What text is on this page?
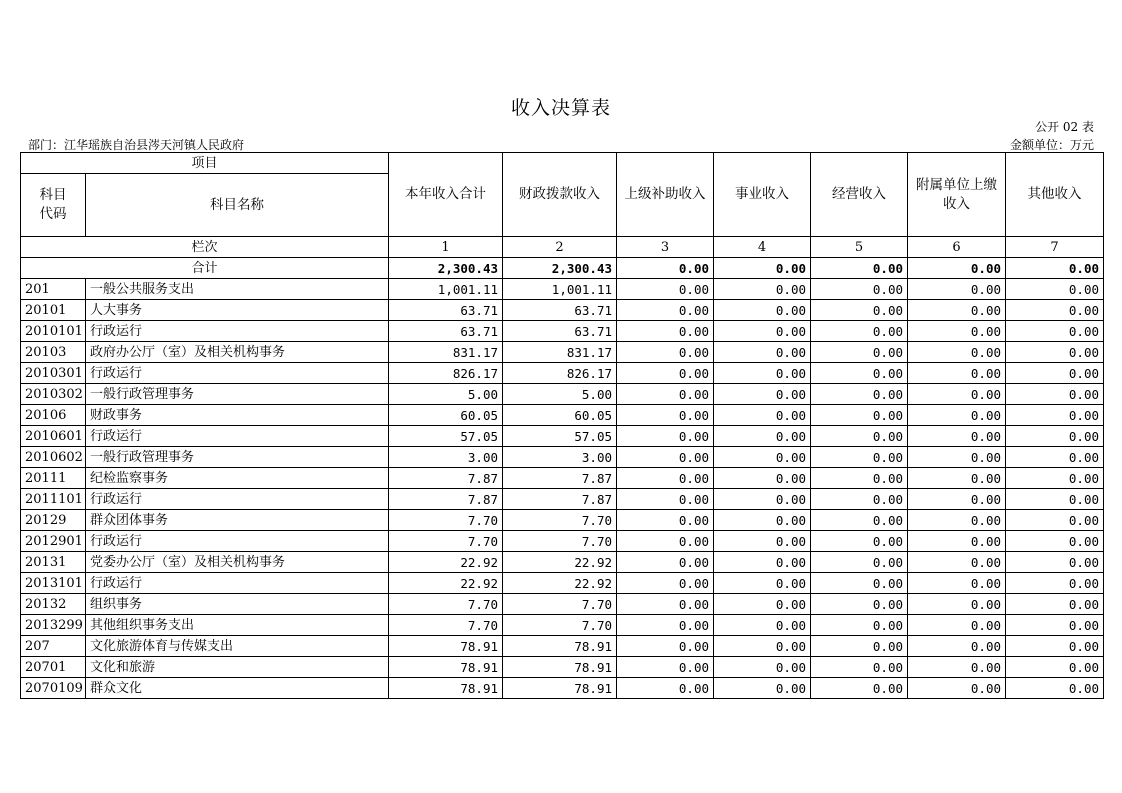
收入决算表
公开 02 表
部门：江华瑶族自治县涔天河镇人民政府	金额单位：万元
项目		本年收入合计	财政拨款收入	上级补助收入	事业收入	经营收入	附属单位上缴收入	其他收入
科目代码	科目名称							
栏次		1	2	3	4	5	6	7
合计		2,300.43	2,300.43	0.00	0.00	0.00	0.00	0.00
201	一般公共服务支出	1,001.11	1,001.11	0.00	0.00	0.00	0.00	0.00
20101	人大事务	63.71	63.71	0.00	0.00	0.00	0.00	0.00
2010101	行政运行	63.71	63.71	0.00	0.00	0.00	0.00	0.00
20103	政府办公厅（室）及相关机构事务	831.17	831.17	0.00	0.00	0.00	0.00	0.00
2010301	行政运行	826.17	826.17	0.00	0.00	0.00	0.00	0.00
2010302	一般行政管理事务	5.00	5.00	0.00	0.00	0.00	0.00	0.00
20106	财政事务	60.05	60.05	0.00	0.00	0.00	0.00	0.00
2010601	行政运行	57.05	57.05	0.00	0.00	0.00	0.00	0.00
2010602	一般行政管理事务	3.00	3.00	0.00	0.00	0.00	0.00	0.00
20111	纪检监察事务	7.87	7.87	0.00	0.00	0.00	0.00	0.00
2011101	行政运行	7.87	7.87	0.00	0.00	0.00	0.00	0.00
20129	群众团体事务	7.70	7.70	0.00	0.00	0.00	0.00	0.00
2012901	行政运行	7.70	7.70	0.00	0.00	0.00	0.00	0.00
20131	党委办公厅（室）及相关机构事务	22.92	22.92	0.00	0.00	0.00	0.00	0.00
2013101	行政运行	22.92	22.92	0.00	0.00	0.00	0.00	0.00
20132	组织事务	7.70	7.70	0.00	0.00	0.00	0.00	0.00
2013299	其他组织事务支出	7.70	7.70	0.00	0.00	0.00	0.00	0.00
207	文化旅游体育与传媒支出	78.91	78.91	0.00	0.00	0.00	0.00	0.00
20701	文化和旅游	78.91	78.91	0.00	0.00	0.00	0.00	0.00
2070109	群众文化	78.91	78.91	0.00	0.00	0.00	0.00	0.00
